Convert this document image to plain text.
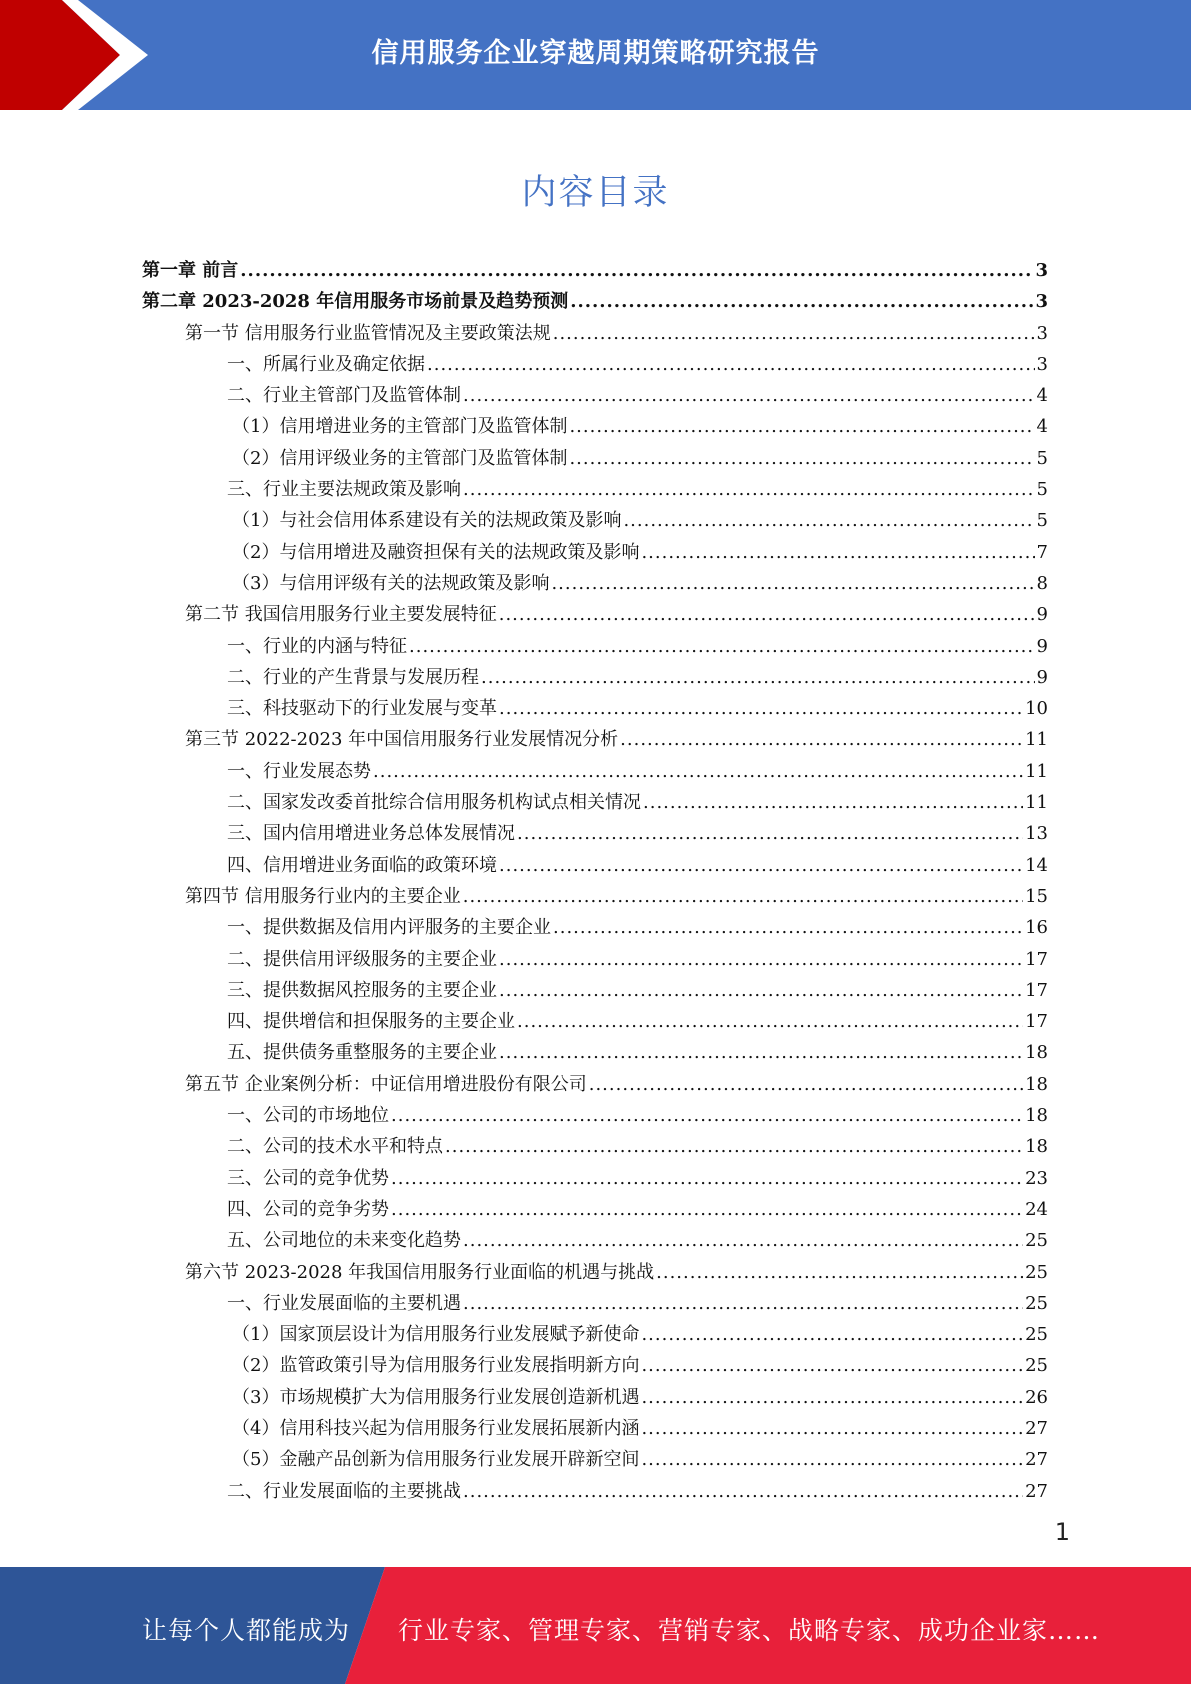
信用服务企业穿越周期策略研究报告
内容目录
第一章 前言 .....	3
第二章 2023-2028 年信用服务市场前景及趋势预测 .....	3
第一节 信用服务行业监管情况及主要政策法规 .....	3
一、所属行业及确定依据 .....	3
二、行业主管部门及监管体制 .....	4
（1）信用增进业务的主管部门及监管体制 .....	4
（2）信用评级业务的主管部门及监管体制 .....	5
三、行业主要法规政策及影响 .....	5
（1）与社会信用体系建设有关的法规政策及影响 .....	5
（2）与信用增进及融资担保有关的法规政策及影响 .....	7
（3）与信用评级有关的法规政策及影响 .....	8
第二节 我国信用服务行业主要发展特征 .....	9
一、行业的内涵与特征 .....	9
二、行业的产生背景与发展历程 .....	9
三、科技驱动下的行业发展与变革 .....	10
第三节 2022-2023 年中国信用服务行业发展情况分析 .....	11
一、行业发展态势 .....	11
二、国家发改委首批综合信用服务机构试点相关情况 .....	11
三、国内信用增进业务总体发展情况 .....	13
四、信用增进业务面临的政策环境 .....	14
第四节 信用服务行业内的主要企业 .....	15
一、提供数据及信用内评服务的主要企业 .....	16
二、提供信用评级服务的主要企业 .....	17
三、提供数据风控服务的主要企业 .....	17
四、提供增信和担保服务的主要企业 .....	17
五、提供债务重整服务的主要企业 .....	18
第五节 企业案例分析：中证信用增进股份有限公司 .....	18
一、公司的市场地位 .....	18
二、公司的技术水平和特点 .....	18
三、公司的竞争优势 .....	23
四、公司的竞争劣势 .....	24
五、公司地位的未来变化趋势 .....	25
第六节 2023-2028 年我国信用服务行业面临的机遇与挑战 .....	25
一、行业发展面临的主要机遇 .....	25
（1）国家顶层设计为信用服务行业发展赋予新使命 .....	25
（2）监管政策引导为信用服务行业发展指明新方向 .....	25
（3）市场规模扩大为信用服务行业发展创造新机遇 .....	26
（4）信用科技兴起为信用服务行业发展拓展新内涵 .....	27
（5）金融产品创新为信用服务行业发展开辟新空间 .....	27
二、行业发展面临的主要挑战 .....	27
1
让每个人都能成为 行业专家、管理专家、营销专家、战略专家、成功企业家……
